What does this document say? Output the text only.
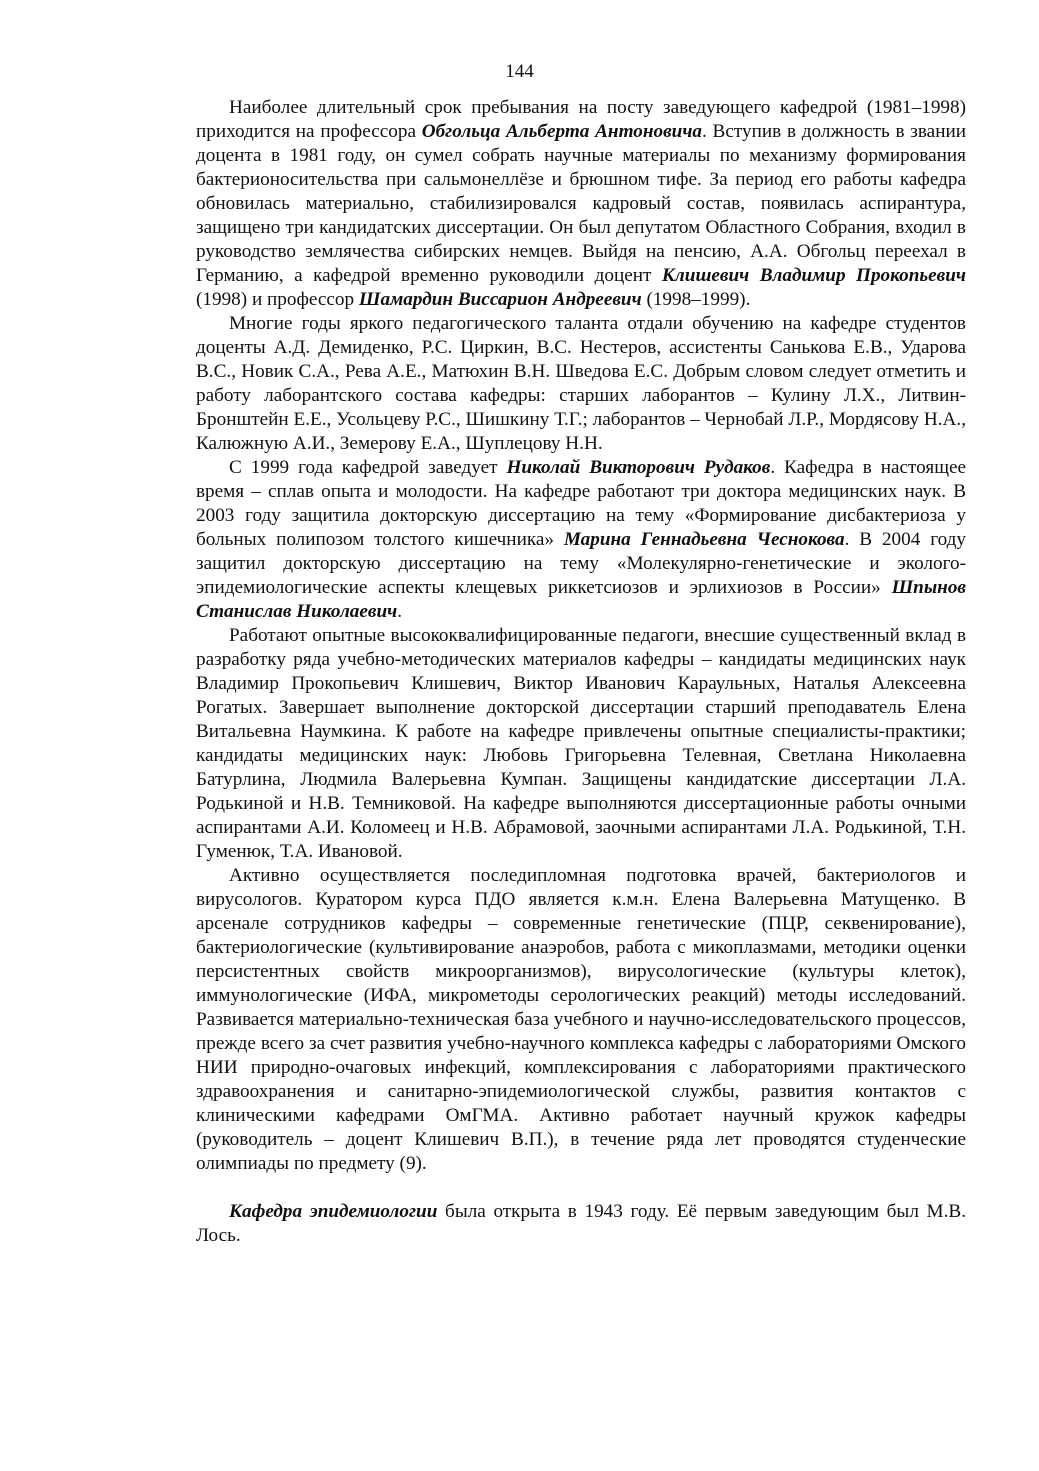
144

Наиболее длительный срок пребывания на посту заведующего кафедрой (1981–1998) приходится на профессора Обгольца Альберта Антоновича. Вступив в должность в звании доцента в 1981 году, он сумел собрать научные материалы по механизму формирования бактерионосительства при сальмонеллёзе и брюшном тифе. За период его работы кафедра обновилась материально, стабилизировался кадровый состав, появилась аспирантура, защищено три кандидатских диссертации. Он был депутатом Областного Собрания, входил в руководство землячества сибирских немцев. Выйдя на пенсию, А.А. Обгольц переехал в Германию, а кафедрой временно руководили доцент Клишевич Владимир Прокопьевич (1998) и профессор Шамардин Виссарион Андреевич (1998–1999).

Многие годы яркого педагогического таланта отдали обучению на кафедре студентов доценты А.Д. Демиденко, Р.С. Циркин, В.С. Нестеров, ассистенты Санькова Е.В., Ударова В.С., Новик С.А., Рева А.Е., Матюхин В.Н. Шведова Е.С. Добрым словом следует отметить и работу лаборантского состава кафедры: старших лаборантов – Кулину Л.Х., Литвин-Бронштейн Е.Е., Усольцеву Р.С., Шишкину Т.Г.; лаборантов – Чернобай Л.Р., Мордясову Н.А., Калюжную А.И., Земерову Е.А., Шуплецову Н.Н.

С 1999 года кафедрой заведует Николай Викторович Рудаков. Кафедра в настоящее время – сплав опыта и молодости. На кафедре работают три доктора медицинских наук. В 2003 году защитила докторскую диссертацию на тему «Формирование дисбактериоза у больных полипозом толстого кишечника» Марина Геннадьевна Чеснокова. В 2004 году защитил докторскую диссертацию на тему «Молекулярно-генетические и эколого-эпидемиологические аспекты клещевых риккетсиозов и эрлихиозов в России» Шпынов Станислав Николаевич.

Работают опытные высококвалифицированные педагоги, внесшие существенный вклад в разработку ряда учебно-методических материалов кафедры – кандидаты медицинских наук Владимир Прокопьевич Клишевич, Виктор Иванович Караульных, Наталья Алексеевна Рогатых. Завершает выполнение докторской диссертации старший преподаватель Елена Витальевна Наумкина. К работе на кафедре привлечены опытные специалисты-практики; кандидаты медицинских наук: Любовь Григорьевна Телевная, Светлана Николаевна Батурлина, Людмила Валерьевна Кумпан. Защищены кандидатские диссертации Л.А. Родькиной и Н.В. Темниковой. На кафедре выполняются диссертационные работы очными аспирантами А.И. Коломеец и Н.В. Абрамовой, заочными аспирантами Л.А. Родькиной, Т.Н. Гуменюк, Т.А. Ивановой.

Активно осуществляется последипломная подготовка врачей, бактериологов и вирусологов. Куратором курса ПДО является к.м.н. Елена Валерьевна Матущенко. В арсенале сотрудников кафедры – современные генетические (ПЦР, секвенирование), бактериологические (культивирование анаэробов, работа с микоплазмами, методики оценки персистентных свойств микроорганизмов), вирусологические (культуры клеток), иммунологические (ИФА, микрометоды серологических реакций) методы исследований. Развивается материально-техническая база учебного и научно-исследовательского процессов, прежде всего за счет развития учебно-научного комплекса кафедры с лабораториями Омского НИИ природно-очаговых инфекций, комплексирования с лабораториями практического здравоохранения и санитарно-эпидемиологической службы, развития контактов с клиническими кафедрами ОмГМА. Активно работает научный кружок кафедры (руководитель – доцент Клишевич В.П.), в течение ряда лет проводятся студенческие олимпиады по предмету (9).

Кафедра эпидемиологии была открыта в 1943 году. Её первым заведующим был М.В. Лось.
